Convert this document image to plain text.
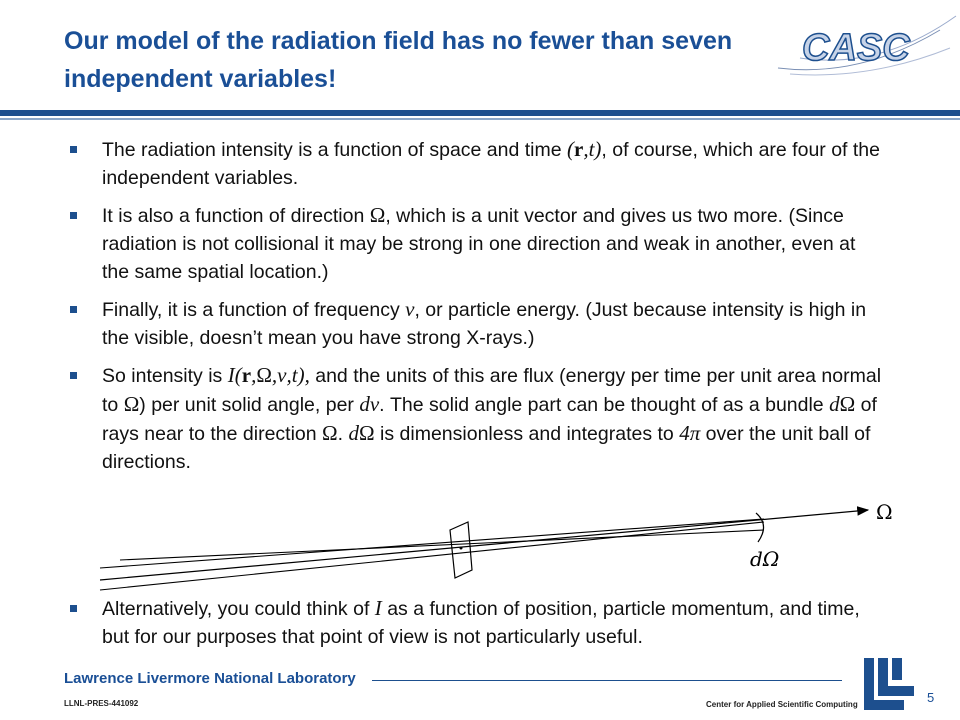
Our model of the radiation field has no fewer than seven
independent variables!
CASC
The radiation intensity is a function of space and time (r,t), of course, which are four of the independent variables.
It is also a function of direction Ω, which is a unit vector and gives us two more. (Since radiation is not collisional it may be strong in one direction and weak in another, even at the same spatial location.)
Finally, it is a function of frequency ν, or particle energy. (Just because intensity is high in the visible, doesn’t mean you have strong X-rays.)
So intensity is I(r,Ω,ν,t), and the units of this are flux (energy per time per unit area normal to Ω) per unit solid angle, per dν. The solid angle part can be thought of as a bundle dΩ of rays near to the direction Ω. dΩ is dimensionless and integrates to 4π over the unit ball of directions.
Ω
dΩ
Alternatively, you could think of I as a function of position, particle momentum, and time, but for our purposes that point of view is not particularly useful.
Lawrence Livermore National Laboratory
LLNL-PRES-441092	Center for Applied Scientific Computing	5
